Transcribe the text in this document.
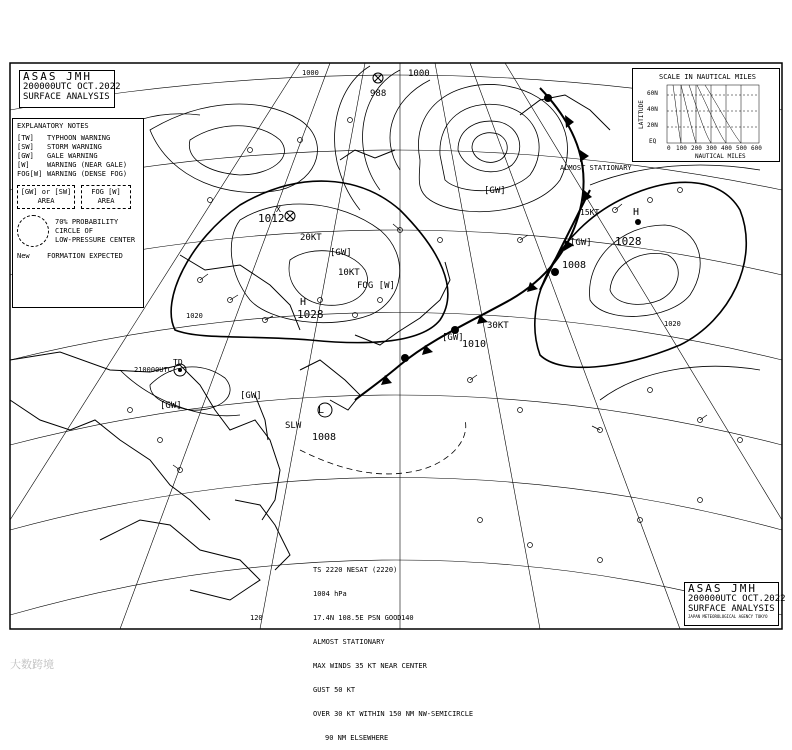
1028
1028
1012
1008
1008
1010
1020
1020
1000
988
1000
[GW]
[GW]
[GW]
[GW]
[GW]
[GW]
FOG [W]
SLW
30KT
20KT
10KT
15KT
ALMOST STATIONARY
TD
210000UTC
L
H
H
X
140
120
ASAS JMH
200000UTC OCT.2022
SURFACE ANALYSIS
EXPLANATORY NOTES
[TW]	TYPHOON WARNING
[SW]	STORM WARNING
[GW]	GALE WARNING
[W]	WARNING (NEAR GALE)
FOG[W] WARNING (DENSE FOG)
[GW] or [SW]
AREA
FOG [W]
AREA
70% PROBABILITY
CIRCLE OF
LOW-PRESSURE CENTER
New	FORMATION EXPECTED
SCALE IN NAUTICAL MILES
LATITUDE
60N
40N
20N
EQ
0 100 200 300 400 500 600
NAUTICAL MILES

TS 2220 NESAT (2220)

1004 hPa

17.4N 108.5E PSN GOOD

ALMOST STATIONARY

MAX WINDS 35 KT NEAR CENTER

GUST 50 KT

OVER 30 KT WITHIN 150 NM NW-SEMICIRCLE

90 NM ELSEWHERE

ASAS JMH
200000UTC OCT.2022
SURFACE ANALYSIS
JAPAN METEOROLOGICAL AGENCY TOKYO
大数跨境
